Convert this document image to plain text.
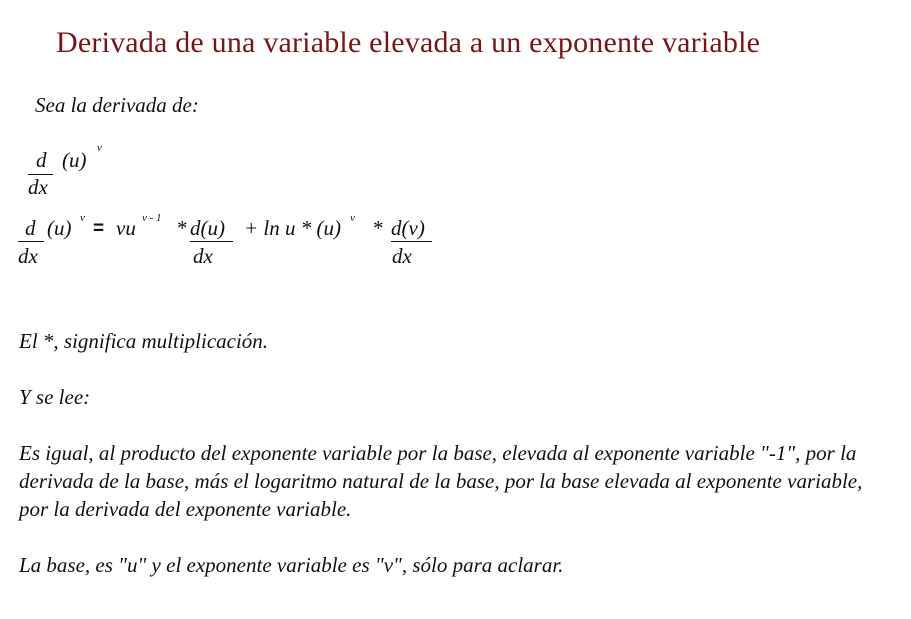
Derivada de una variable elevada a un exponente variable
Sea la derivada de:
d
dx
(u) v
d
dx
(u) v = vu v - 1 * d(u)
dx
+ ln u * (u) v * d(v)
dx
El *, significa multiplicación.
Y se lee:
Es igual, al producto del exponente variable por la base, elevada al exponente variable "-1", por la derivada de la base, más el logaritmo natural de la base, por la base elevada al exponente variable, por la derivada del exponente variable.
La base, es "u" y el exponente variable es "v", sólo para aclarar.
